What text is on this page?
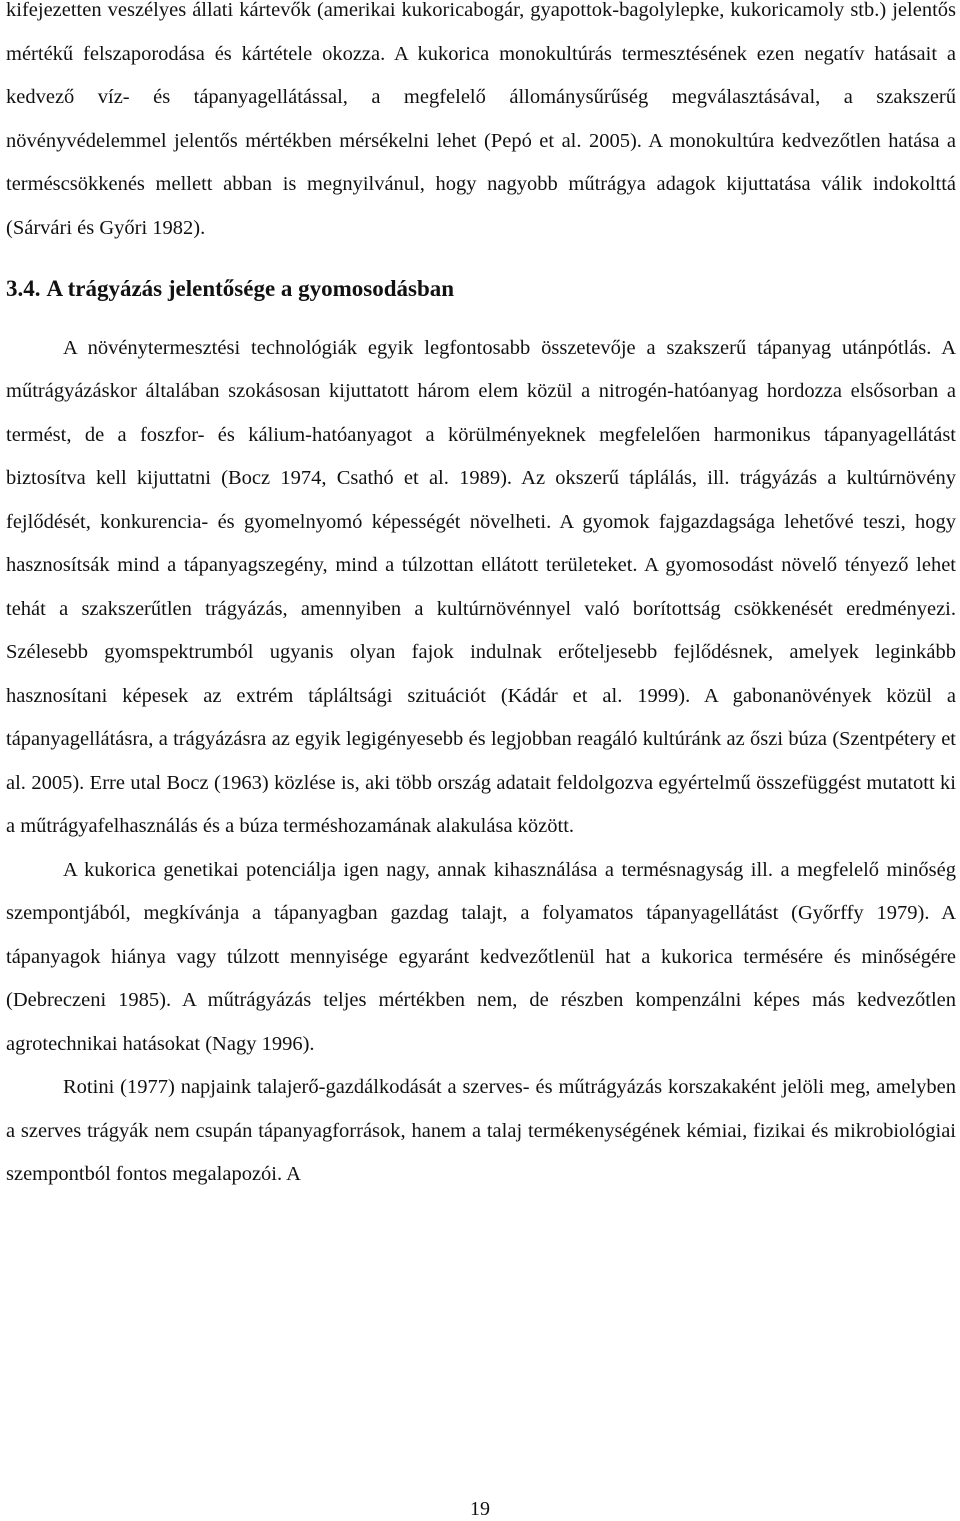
kifejezetten veszélyes állati kártevők (amerikai kukoricabogár, gyapottok-bagolylepke, kukoricamoly stb.) jelentős mértékű felszaporodása és kártétele okozza. A kukorica monokultúrás termesztésének ezen negatív hatásait a kedvező víz- és tápanyagellátással, a megfelelő állománysűrűség megválasztásával, a szakszerű növényvédelemmel jelentős mértékben mérsékelni lehet (Pepó et al. 2005). A monokultúra kedvezőtlen hatása a terméscsökkenés mellett abban is megnyilvánul, hogy nagyobb műtrágya adagok kijuttatása válik indokolttá (Sárvári és Győri 1982).

3.4. A trágyázás jelentősége a gyomosodásban

A növénytermesztési technológiák egyik legfontosabb összetevője a szakszerű tápanyag utánpótlás. A műtrágyázáskor általában szokásosan kijuttatott három elem közül a nitrogén-hatóanyag hordozza elsősorban a termést, de a foszfor- és kálium-hatóanyagot a körülményeknek megfelelően harmonikus tápanyagellátást biztosítva kell kijuttatni (Bocz 1974, Csathó et al. 1989). Az okszerű táplálás, ill. trágyázás a kultúrnövény fejlődését, konkurencia- és gyomelnyomó képességét növelheti. A gyomok fajgazdagsága lehetővé teszi, hogy hasznosítsák mind a tápanyagszegény, mind a túlzottan ellátott területeket. A gyomosodást növelő tényező lehet tehát a szakszerűtlen trágyázás, amennyiben a kultúrnövénnyel való borítottság csökkenését eredményezi. Szélesebb gyomspektrumból ugyanis olyan fajok indulnak erőteljesebb fejlődésnek, amelyek leginkább hasznosítani képesek az extrém tápláltsági szituációt (Kádár et al. 1999). A gabonanövények közül a tápanyagellátásra, a trágyázásra az egyik legigényesebb és legjobban reagáló kultúránk az őszi búza (Szentpétery et al. 2005). Erre utal Bocz (1963) közlése is, aki több ország adatait feldolgozva egyértelmű összefüggést mutatott ki a műtrágyafelhasználás és a búza terméshozamának alakulása között.

A kukorica genetikai potenciálja igen nagy, annak kihasználása a termésnagyság ill. a megfelelő minőség szempontjából, megkívánja a tápanyagban gazdag talajt, a folyamatos tápanyagellátást (Győrffy 1979). A tápanyagok hiánya vagy túlzott mennyisége egyaránt kedvezőtlenül hat a kukorica termésére és minőségére (Debreczeni 1985). A műtrágyázás teljes mértékben nem, de részben kompenzálni képes más kedvezőtlen agrotechnikai hatásokat (Nagy 1996).

Rotini (1977) napjaink talajerő-gazdálkodását a szerves- és műtrágyázás korszakaként jelöli meg, amelyben a szerves trágyák nem csupán tápanyagforrások, hanem a talaj termékenységének kémiai, fizikai és mikrobiológiai szempontból fontos megalapozói. A

19
